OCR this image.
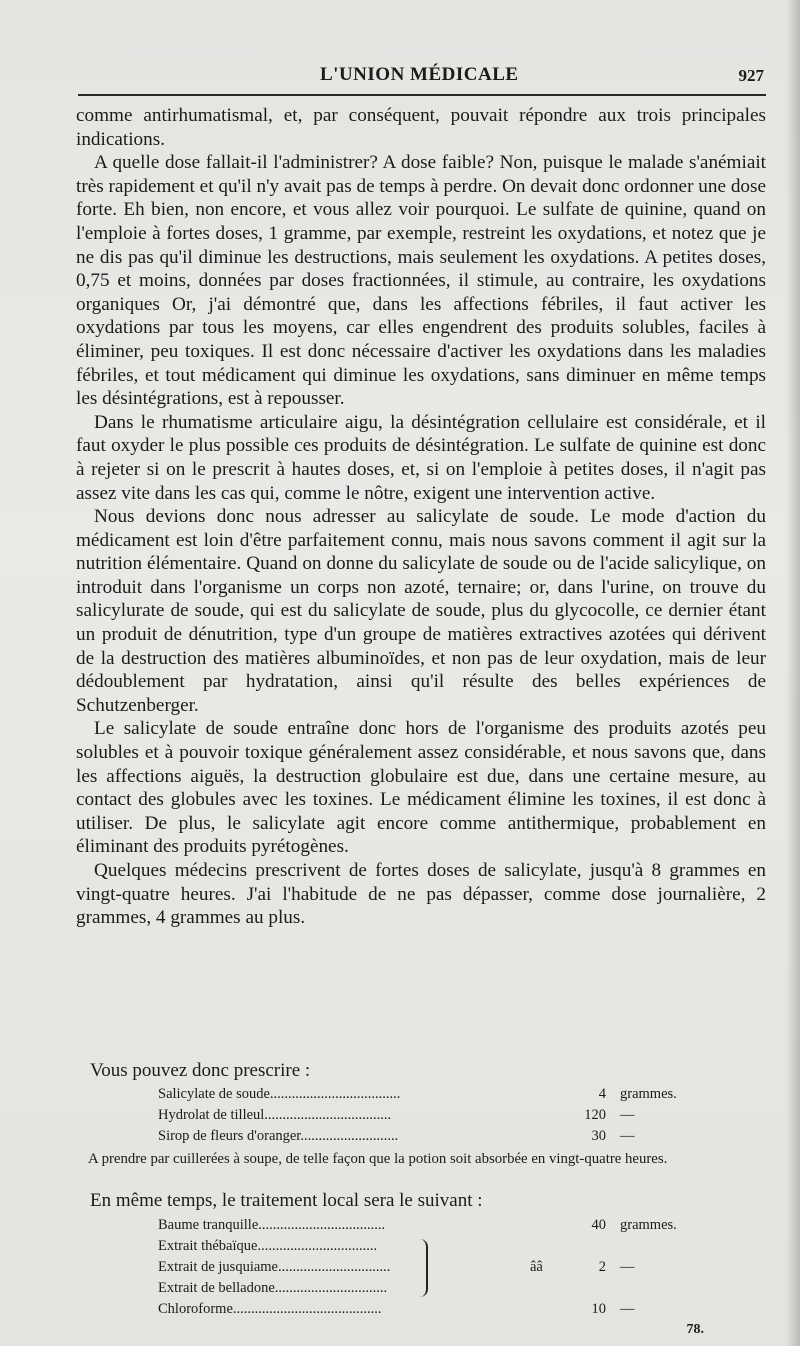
L'UNION MÉDICALE	927

comme antirhumatismal, et, par conséquent, pouvait répondre aux trois principales indications.

A quelle dose fallait-il l'administrer? A dose faible? Non, puisque le malade s'anémiait très rapidement et qu'il n'y avait pas de temps à perdre. On devait donc ordonner une dose forte. Eh bien, non encore, et vous allez voir pourquoi. Le sulfate de quinine, quand on l'emploie à fortes doses, 1 gramme, par exemple, restreint les oxydations, et notez que je ne dis pas qu'il diminue les destructions, mais seulement les oxydations. A petites doses, 0,75 et moins, données par doses fractionnées, il stimule, au contraire, les oxydations organiques Or, j'ai démontré que, dans les affections fébriles, il faut activer les oxydations par tous les moyens, car elles engendrent des produits solubles, faciles à éliminer, peu toxiques. Il est donc nécessaire d'activer les oxydations dans les maladies fébriles, et tout médicament qui diminue les oxydations, sans diminuer en même temps les désintégrations, est à repousser.

Dans le rhumatisme articulaire aigu, la désintégration cellulaire est considérale, et il faut oxyder le plus possible ces produits de désintégration. Le sulfate de quinine est donc à rejeter si on le prescrit à hautes doses, et, si on l'emploie à petites doses, il n'agit pas assez vite dans les cas qui, comme le nôtre, exigent une intervention active.

Nous devions donc nous adresser au salicylate de soude. Le mode d'action du médicament est loin d'être parfaitement connu, mais nous savons comment il agit sur la nutrition élémentaire. Quand on donne du salicylate de soude ou de l'acide salicylique, on introduit dans l'organisme un corps non azoté, ternaire; or, dans l'urine, on trouve du salicylurate de soude, qui est du salicylate de soude, plus du glycocolle, ce dernier étant un produit de dénutrition, type d'un groupe de matières extractives azotées qui dérivent de la destruction des matières albuminoïdes, et non pas de leur oxydation, mais de leur dédoublement par hydratation, ainsi qu'il résulte des belles expériences de Schutzenberger.

Le salicylate de soude entraîne donc hors de l'organisme des produits azotés peu solubles et à pouvoir toxique généralement assez considérable, et nous savons que, dans les affections aiguës, la destruction globulaire est due, dans une certaine mesure, au contact des globules avec les toxines. Le médicament élimine les toxines, il est donc à utiliser. De plus, le salicylate agit encore comme antithermique, probablement en éliminant des produits pyrétogènes.

Quelques médecins prescrivent de fortes doses de salicylate, jusqu'à 8 grammes en vingt-quatre heures. J'ai l'habitude de ne pas dépasser, comme dose journalière, 2 grammes, 4 grammes au plus.

Vous pouvez donc prescrire :
Salicylate de soude....................................	4 grammes.
Hydrolat de tilleul...................................	120 —
Sirop de fleurs d'oranger...........................	30 —
A prendre par cuillerées à soupe, de telle façon que la potion soit absorbée en vingt-quatre heures.
En même temps, le traitement local sera le suivant :
Baume tranquille...................................	40 grammes.
Extrait thébaïque.................................
Extrait de jusquiame...............................	ââ	2 —
Extrait de belladone...............................
Chloroforme.........................................	10 —
78.
